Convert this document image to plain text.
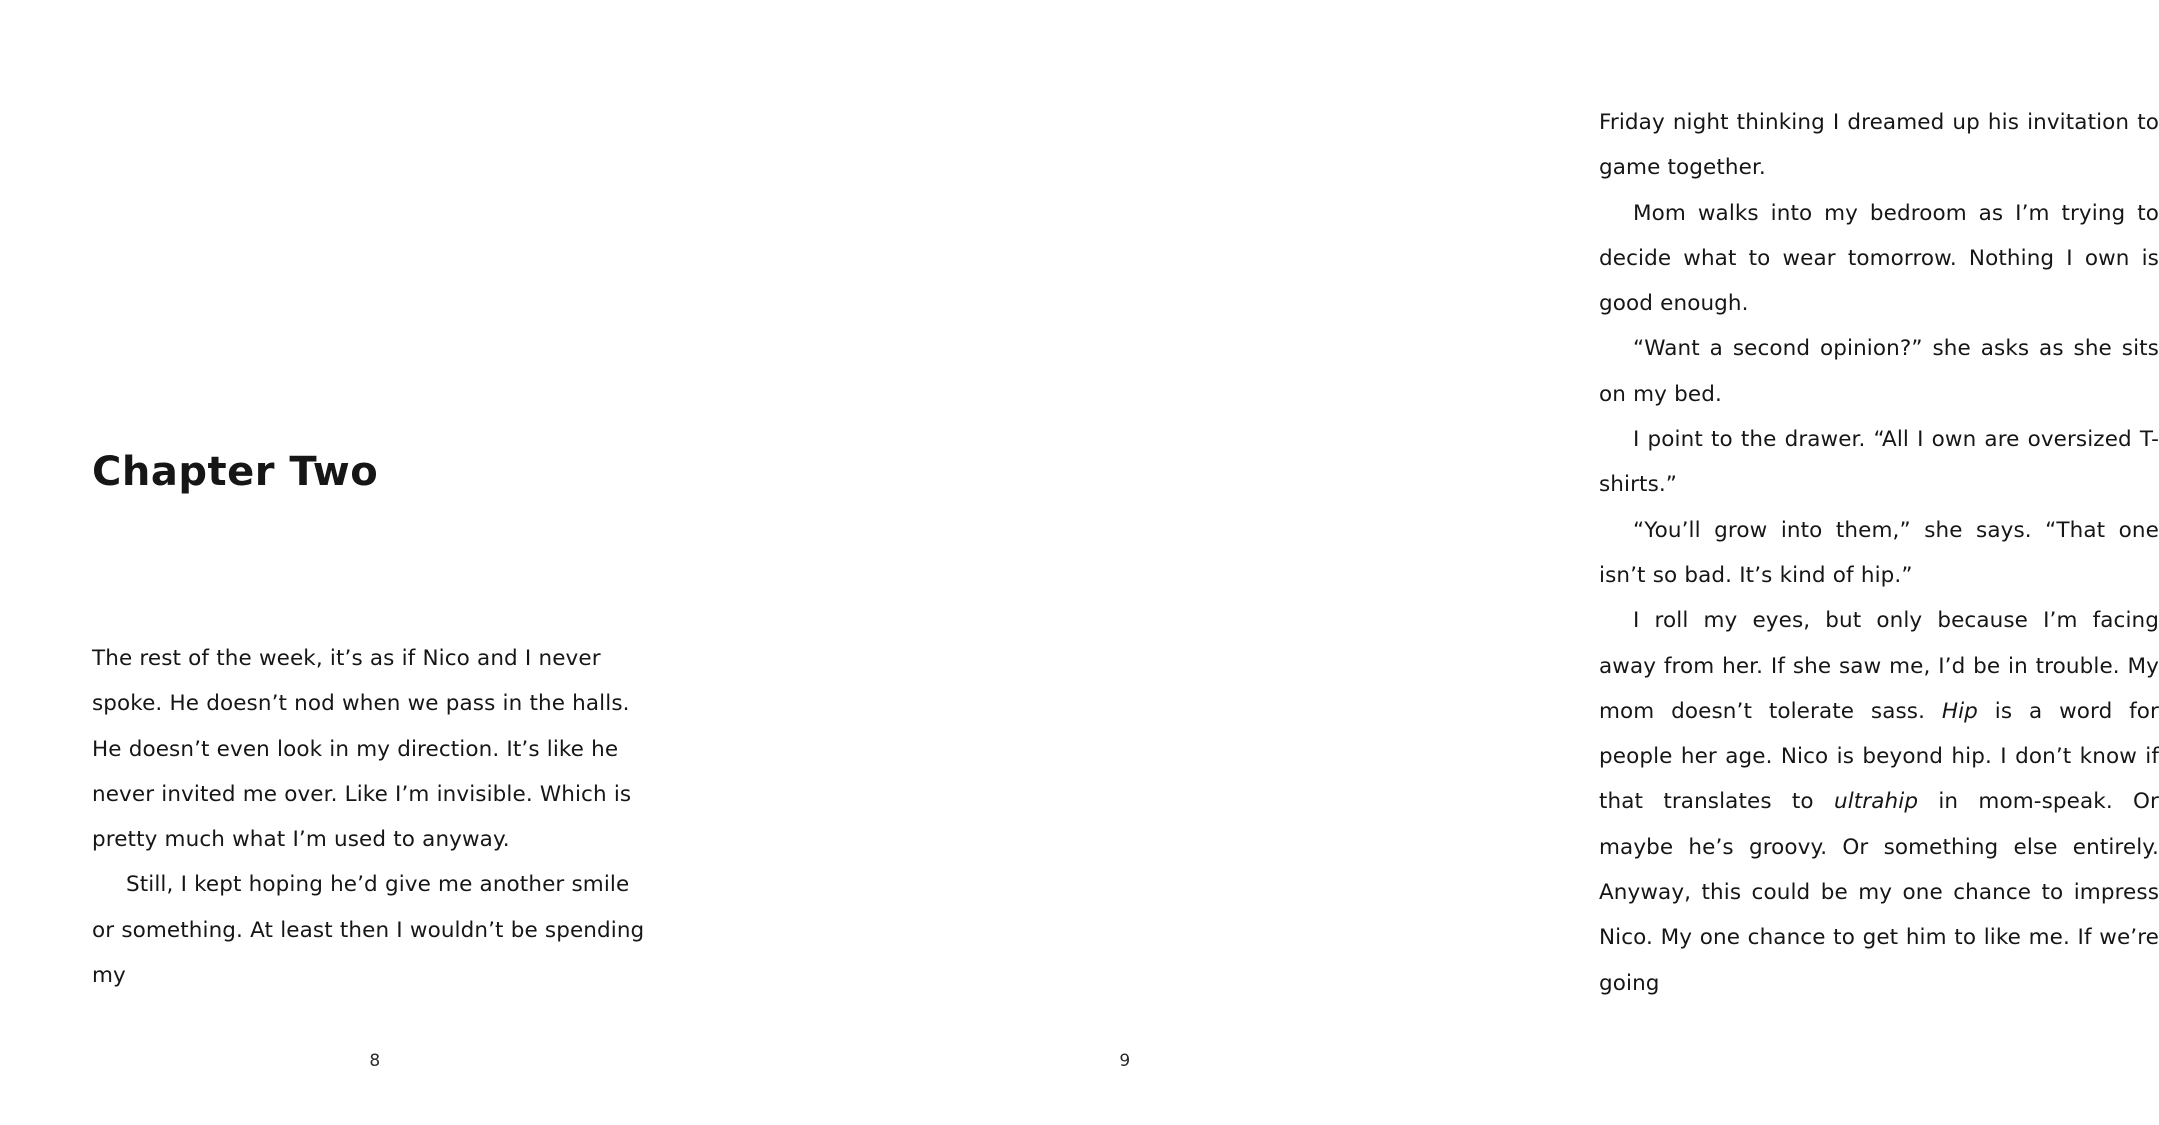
Chapter Two

The rest of the week, it’s as if Nico and I never spoke. He doesn’t nod when we pass in the halls. He doesn’t even look in my direction. It’s like he never invited me over. Like I’m invisible. Which is pretty much what I’m used to anyway.

Still, I kept hoping he’d give me another smile or something. At least then I wouldn’t be spending my

8

Friday night thinking I dreamed up his invitation to game together.

Mom walks into my bedroom as I’m trying to decide what to wear tomorrow. Nothing I own is good enough.

“Want a second opinion?” she asks as she sits on my bed.

I point to the drawer. “All I own are oversized T-shirts.”

“You’ll grow into them,” she says. “That one isn’t so bad. It’s kind of hip.”

I roll my eyes, but only because I’m facing away from her. If she saw me, I’d be in trouble. My mom doesn’t tolerate sass. Hip is a word for people her age. Nico is beyond hip. I don’t know if that translates to ultrahip in mom-speak. Or maybe he’s groovy. Or something else entirely. Anyway, this could be my one chance to impress Nico. My one chance to get him to like me. If we’re going

9
